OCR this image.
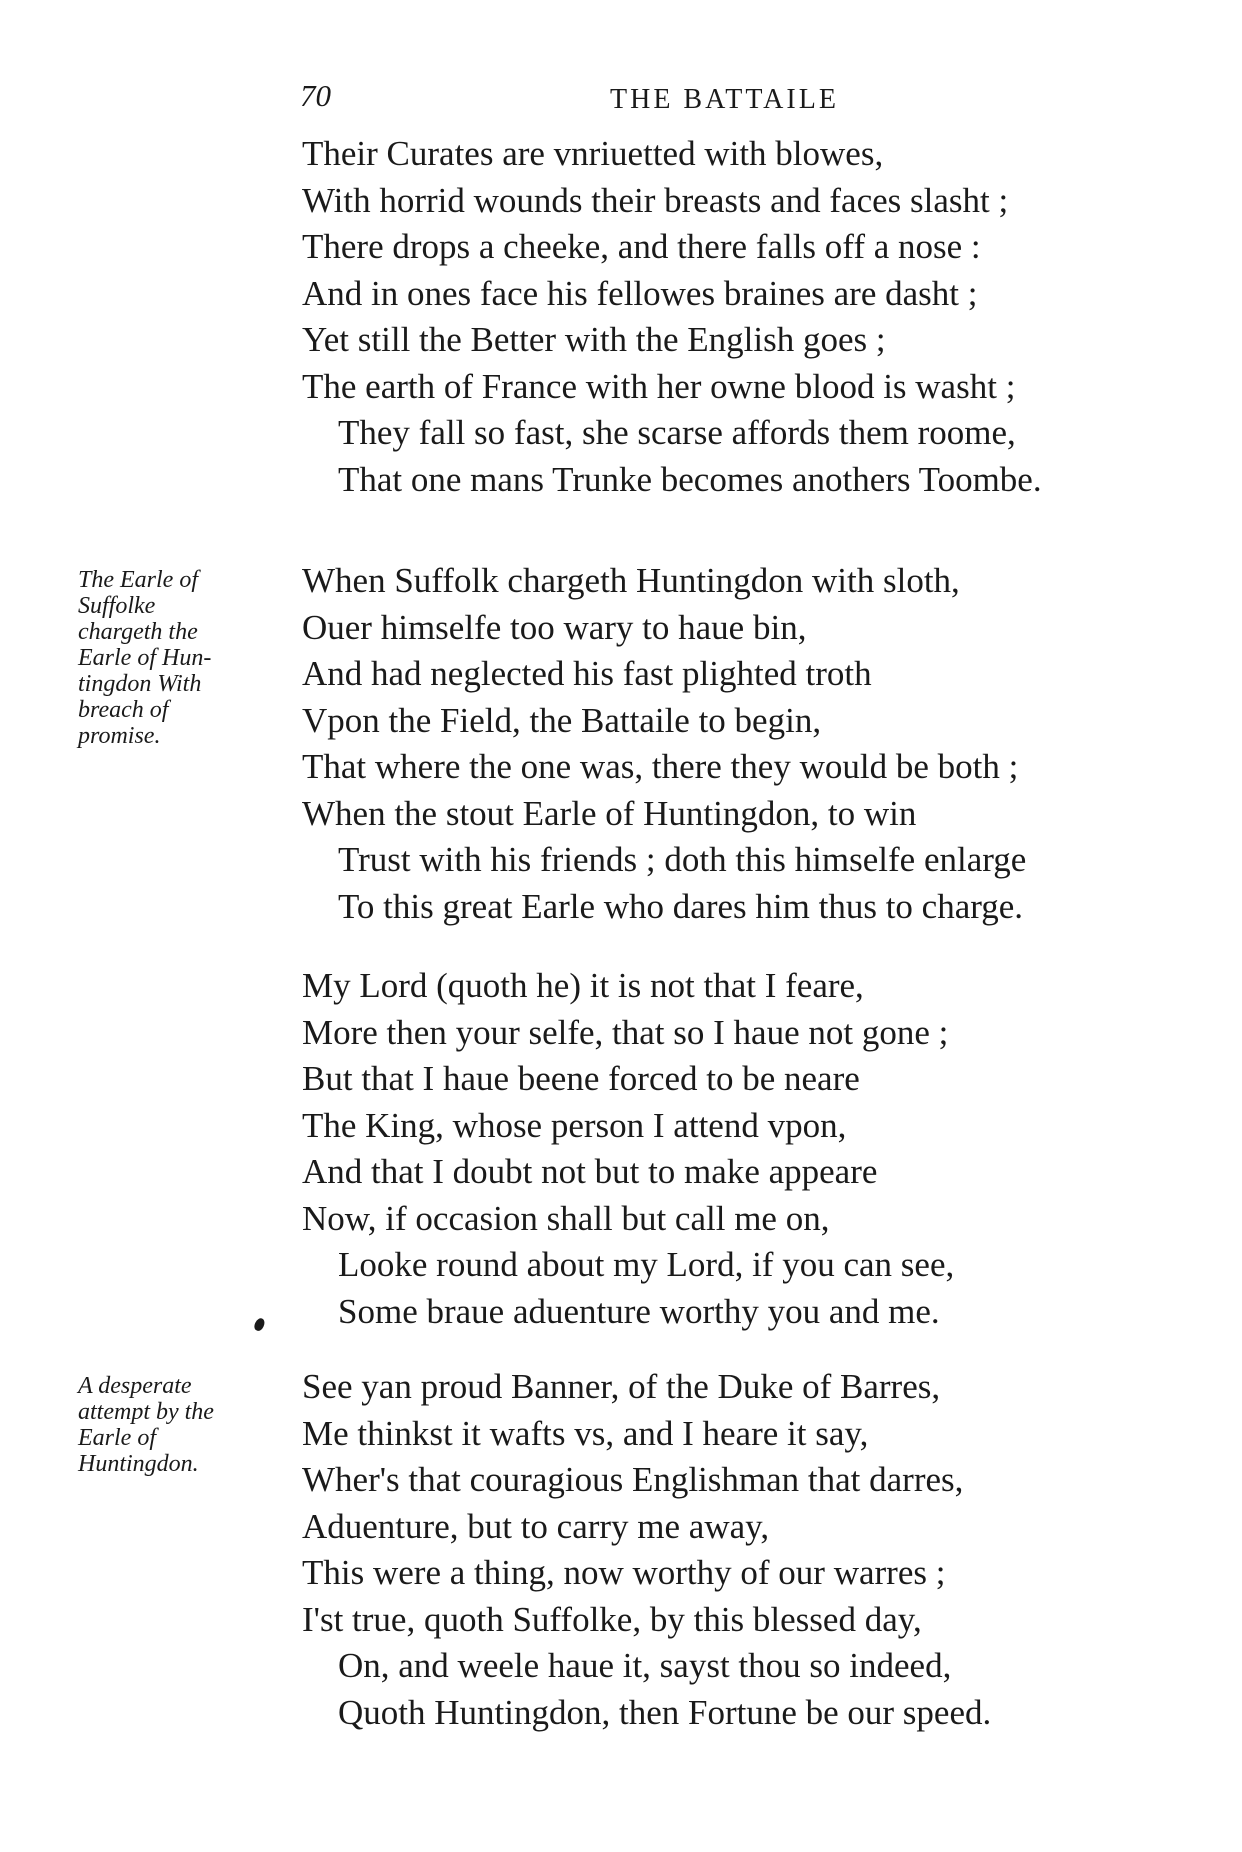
70	THE BATTAILE
Their Curates are vnriuetted with blowes,
With horrid wounds their breasts and faces slasht ;
There drops a cheeke, and there falls off a nose :
And in ones face his fellowes braines are dasht ;
Yet still the Better with the English goes ;
The earth of France with her owne blood is washt ;
They fall so fast, she scarse affords them roome,
That one mans Trunke becomes anothers Toombe.
The Earle of
Suffolke
chargeth the
Earle of Hun-
tingdon With
breach of
promise.
When Suffolk chargeth Huntingdon with sloth,
Ouer himselfe too wary to haue bin,
And had neglected his fast plighted troth
Vpon the Field, the Battaile to begin,
That where the one was, there they would be both ;
When the stout Earle of Huntingdon, to win
Trust with his friends ; doth this himselfe enlarge
To this great Earle who dares him thus to charge.
My Lord (quoth he) it is not that I feare,
More then your selfe, that so I haue not gone ;
But that I haue beene forced to be neare
The King, whose person I attend vpon,
And that I doubt not but to make appeare
Now, if occasion shall but call me on,
Looke round about my Lord, if you can see,
Some braue aduenture worthy you and me.
A desperate
attempt by the
Earle of
Huntingdon.
See yan proud Banner, of the Duke of Barres,
Me thinkst it wafts vs, and I heare it say,
Wher's that couragious Englishman that darres,
Aduenture, but to carry me away,
This were a thing, now worthy of our warres ;
I'st true, quoth Suffolke, by this blessed day,
On, and weele haue it, sayst thou so indeed,
Quoth Huntingdon, then Fortune be our speed.
